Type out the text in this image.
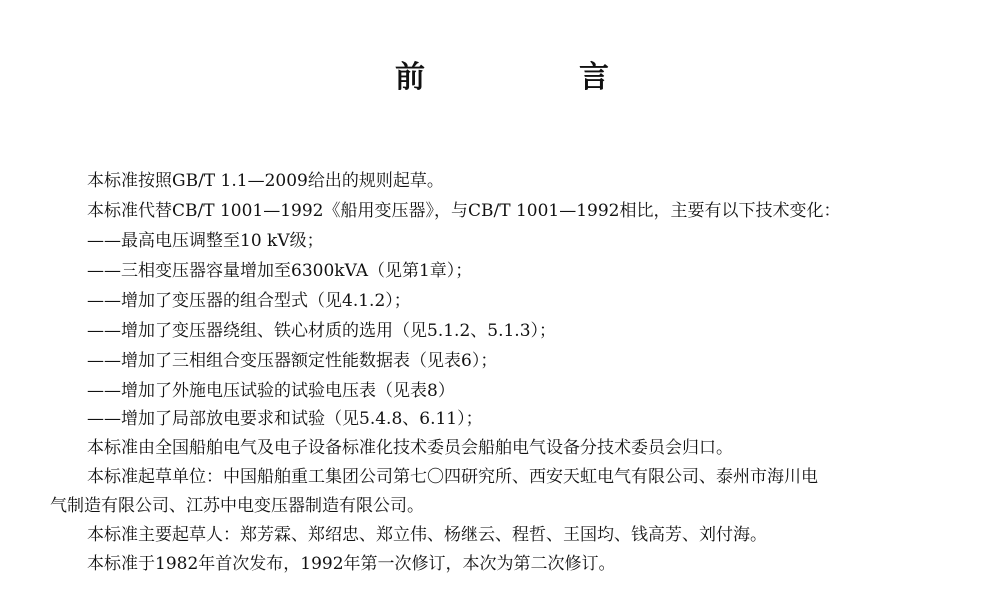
前　言
本标准按照GB/T 1.1—2009给出的规则起草。
本标准代替CB/T 1001—1992《船用变压器》，与CB/T 1001—1992相比，主要有以下技术变化：
——最高电压调整至10 kV级；
——三相变压器容量增加至6300kVA（见第1章）；
——增加了变压器的组合型式（见4.1.2）；
——增加了变压器绕组、铁心材质的选用（见5.1.2、5.1.3）；
——增加了三相组合变压器额定性能数据表（见表6）；
——增加了外施电压试验的试验电压表（见表8）
——增加了局部放电要求和试验（见5.4.8、6.11）；
本标准由全国船舶电气及电子设备标准化技术委员会船舶电气设备分技术委员会归口。
本标准起草单位：中国船舶重工集团公司第七〇四研究所、西安天虹电气有限公司、泰州市海川电
气制造有限公司、江苏中电变压器制造有限公司。
本标准主要起草人：郑芳霖、郑绍忠、郑立伟、杨继云、程哲、王国均、钱高芳、刘付海。
本标准于1982年首次发布，1992年第一次修订，本次为第二次修订。
